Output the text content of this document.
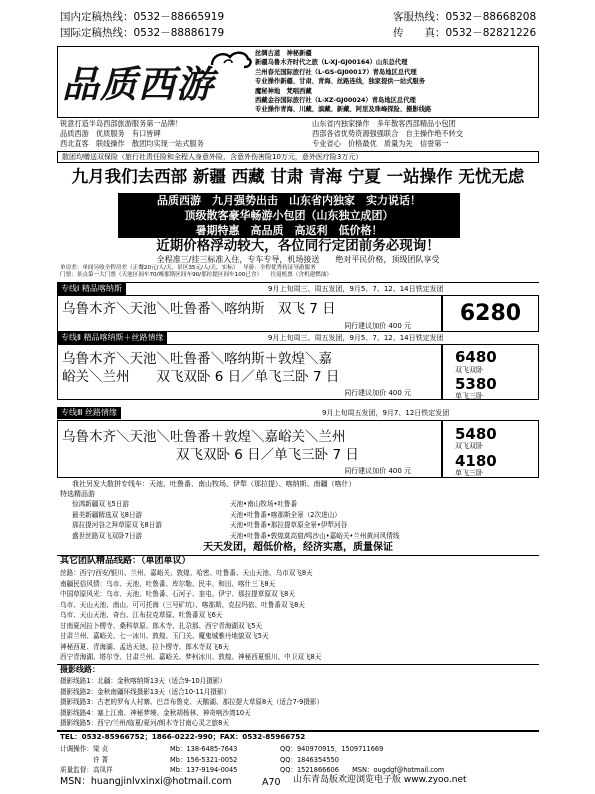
国内定稿热线：0532－88665919
国际定稿热线：0532－88886179
客服热线：0532－88668208
传　　真：0532－82821226
品质西游
丝绸古道　神秘新疆
新疆乌鲁木齐时代之旅（L-XJ-GJ00164）山东总代理
兰州春光国际旅行社（L-GS-GJ00017）青岛地区总代理
专业操作新疆、甘肃、青海、丝路连线，独家提供一站式服务
魔秘神地　梵唱西藏
西藏金谷国际旅行社（L-XZ-GJ00024）青岛地区总代理
专业操作青海、川藏、滇藏、新藏、阿里及珠峰探险、摄影线路
锐意打造半岛西部旅游服务第一品牌！
品质西游　优质服务　有口皆碑
西北直客　联线操作　散团均实现一站式服务
山东省内独家操作　多年散客西部精品小包团
西部各省优势资源强强联合　自主操作绝不转交
专业省心　价格最优　质量为先　信誉第一
散团均赠送双保险（旅行社责任险和全程人身意外险，含意外伤害险10万元，意外医疗险3万元）
九月我们去西部 新疆 西藏 甘肃 青海 宁夏 一站操作 无忧无虑
品质西游　九月强势出击　山东省内独家　实力说话！
顶级散客豪华畅游小包团（山东独立成团）
暑期特惠　高品质　高返利　低价格！
近期价格浮动较大，各位同行定团前务必现询！
全程准三/挂三标准入住，专车专导，机场接送　　绝对平民价格，顶级团队享受
单房差：单间另收全程房差（正餐20元/人/天，景区35元/人/天，实标）　 导游：全程优秀持证导游服务
门票：景点第一大门票（天池区间车70/喀那斯区间车90/那拉提区间车100已含）　　往返机票（含机建燃油）
专线Ⅰ 精品喀纳斯	9月上旬周三、周五发团，9月5、7、12、14日铁定发团
乌鲁木齐＼天池＼吐鲁番＼喀纳斯　双飞 7 日
同行建议加价 400 元	6280
专线Ⅱ 精品喀纳斯＋丝路情缘	9月上旬周三、周五发团，9月5、7、12、14日铁定发团
乌鲁木齐＼天池＼吐鲁番＼喀纳斯＋敦煌＼嘉
峪关＼兰州　　双飞双卧 6 日／单飞三卧 7 日
同行建议加价 400 元
6480
双飞双卧
5380
单飞三卧
专线Ⅲ 丝路情缘	9月上旬周五发团，9月7、12日铁定发团
乌鲁木齐＼天池＼吐鲁番＋敦煌＼嘉峪关＼兰州
双飞双卧 6 日／单飞三卧 7 日
同行建议加价 400 元
5480
双飞双卧
4180
单飞三卧
我社另发大散拼专线车：天池、吐鲁番、南山牧场、伊犁（那拉提）、喀纳斯、南疆（喀什）
特选精品游
惊鸿新疆双飞5日游	天池•南山牧场•吐鲁番
最美新疆精选双飞8日游	天池•吐鲁番•喀那斯全景（2次进山）
那拉提河谷之拜草原双飞8日游	天池•吐鲁番•那拉提草原全景•伊犁河谷
盛世丝路双飞双卧7日游	天池•吐鲁番•敦煌莫高窟/鸣沙山•嘉峪关•兰州黄河风情线
天天发团，超低价格，经济实惠，质量保证
其它团队精品线路：（单团单议）
丝路：西宁/西安/银川、兰州、嘉峪关、敦煌、哈密、吐鲁番、天山天池、乌市双飞8天
南疆民俗风情：乌市、天池、吐鲁番、库尔勒、民丰、和田、喀什三飞8天
中国草原风光：乌市、天池、吐鲁番、石河子、奎屯、伊宁、那拉提草原双飞8天
乌市、天山天池、南山、可可托海（三号矿坑）、喀那斯、克拉玛依、吐鲁番双飞8天
乌市、天山天池、奇台、江布拉克草原、吐鲁番双飞6天
甘南夏河拉卜楞寺、桑科草原、郎木寺、扎尕那、西宁青海湖双飞5天
甘肃兰州、嘉峪关、七一冰川、敦煌、玉门关、魔鬼城雅丹地貌双飞5天
神秘西夏、青海湖、孟达天池、拉卜楞寺、郎木寺双飞6天
西宁青海湖、塔尔寺、甘肃兰州、嘉峪关、梦柯冰川、敦煌、神秘西夏银川、中卫双飞8天
摄影线路：
摄影线路1：北疆：金秋喀纳斯13天（适合9-10月摄影）
摄影线路2：金秋南疆环线摄影13天（适合10-11月摄影）
摄影线路3：古老的罗布人村寨、巴音布鲁克、天鹅湖、那拉提大草原8天（适合7-9摄影）
摄影线路4：塞上江南、神秘梦境、金秋胡杨林、神奇响沙湾10天
摄影线路5：西宁/兰州/临夏/夏河/朗木寺甘南心灵之旅8天
TEL：0532-85966752；1866-0222-990；FAX：0532-85966752
计调操作：梁 贞	Mb：138-6485-7643	QQ：940970915，1509711669
　　　　　许 菁	Mb：156-5321-0052	QQ：1846354550
质量监督：高凤祥	Mb：137-9194-0045	QQ：1521866606　　MSN：ougdgf@hotmail.com
MSN：huangjinlvxinxi@hotmail.com	A70 山东青岛版欢迎浏览电子版 www.zyoo.net
